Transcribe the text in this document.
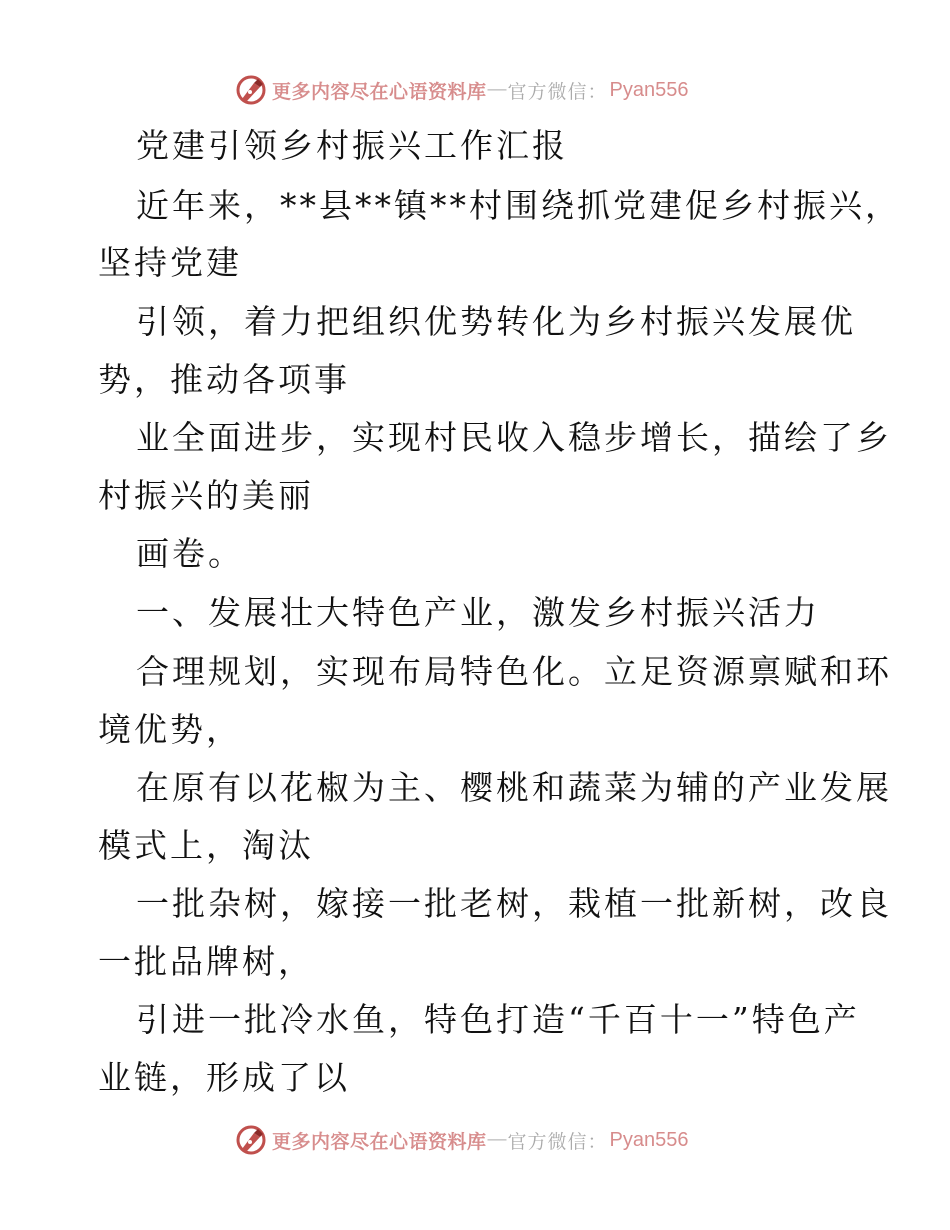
更多内容尽在心语资料库 — 官方微信： Pyan556
党建引领乡村振兴工作汇报
近年来，**县**镇**村围绕抓党建促乡村振兴，
坚持党建
引领，着力把组织优势转化为乡村振兴发展优
势，推动各项事
业全面进步，实现村民收入稳步增长，描绘了乡
村振兴的美丽
画卷。
一、发展壮大特色产业，激发乡村振兴活力
合理规划，实现布局特色化。立足资源禀赋和环
境优势，
在原有以花椒为主、樱桃和蔬菜为辅的产业发展
模式上，淘汰
一批杂树，嫁接一批老树，栽植一批新树，改良
一批品牌树，
引进一批冷水鱼，特色打造“千百十一”特色产
业链，形成了以
更多内容尽在心语资料库 — 官方微信： Pyan556
